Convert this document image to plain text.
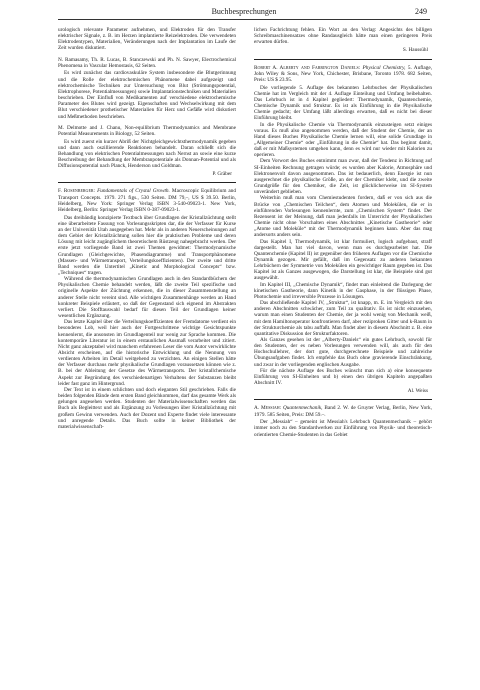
Buchbesprechungen	249

urologisch relevante Parameter aufnehmen, und Elektroden für den Transfer elektrischer Signale, z. B. im Herzen implantierte Reizelektroden. Die verwendeten Elektrodentypen, Materialien, Veränderungen nach der Implantation im Laufe der Zeit wurden diskutiert.

N. Ramasamy, Th. R. Lucas, B. Stanczewski and Ph. N. Sawyer, Electrochemical Phenomena in Vascular Hemostasis, 62 Seiten.

Es wird zunächst das cardiovaskuläre System insbesondere die Blutgerinnung und die Rolle der elektrochemischen Phänomene dabei aufgezeigt und elektrochemische Techniken zur Untersuchung von Blut (Strömungspotential, Elektrophorese, Potentialmessungen) sowie Implantationstechniken und Materialien beschrieben. Der Einfluß von Medikamenten auf verschiedene elektrochemische Parameter des Blutes wird gezeigt. Eigenschaften und Wechselwirkung mit dem Blut verschiedener prothetischer Materialien für Herz und Gefäße wird diskutiert und Meßmethoden beschrieben.

M. Delmotte and J. Chanu, Non-equilibrium Thermodynamics and Membrane Potential Measurements in Biology, 52 Seiten.

Es wird zuerst ein kurzer Abriß der Nichtgleichgewichtsthermodynamik gegeben und dann auch oszillierende Reaktionen behandelt. Daran schließt sich die Behandlung von elektrischen Potentialmessungen nach Nernst an sowie eine kurze Beschreibung der Behandlung der Membranpotentiale als Donnan-Potential und als Diffusionspotential nach Planck, Henderson und Goldman.

P. Gräber
F. Rosenberger: Fundamentals of Crystal Growth. Macroscopic Equilibrium and Transport Concepts. 1979. 271 figs., 530 Seiten. DM 79,–, US $ 39.50. Berlin, Heidelberg, New York: Springer Verlag ISBN 3-540-09023-1. New York, Heidelberg, Berlin: Springer Verlag ISBN 0-387-09023-1.

Das dreibändig konzipierte Textbuch über Grundlagen der Kristallzüchtung stellt eine überarbeitete Fassung von Vorlesungsskripten dar, die der Verfasser für Kurse an der Universität Utah ausgegeben hat. Mehr als in anderen Neuerscheinungen auf dem Gebiet der Kristallzüchtung sollen hier die praktischen Probleme und deren Lösung mit leicht zugänglichem theoretischem Rüstzeug nahegebracht werden. Der erste jetzt vorliegende Band ist zwei Themen gewidmet: Thermodynamische Grundlagen (Gleichgewichte, Phasendiagramme) und Transportphänomene (Massen- und Wärmetransport, Verteilungskoeffizienten). Der zweite und dritte Band werden die Untertitel „Kinetic and Morphological Concepts“ bzw. „Techniques“ tragen.

Während die thermodynamischen Grundlagen auch in den Standardbüchern der Physikalischen Chemie behandelt werden, läßt die zweite Teil spezifische und originelle Aspekte der Züchtung erkennen, die in dieser Zusammenstellung an anderer Stelle nicht vereint sind. Alle wichtigen Zusammenhänge werden an Hand konkreter Beispiele erläutert, so daß der Gegenstand sich eignend im Abstrakten verliert. Die Stofftauswahl bedarf für diesen Teil der Grundlagen keiner wesentlichen Ergänzung.

Das letzte Kapitel über die Verteilungskoeffizienten der Fremdatome verdient ein besonderes Lob, weil hier auch der Fortgeschrittene wichtige Gesichtspunkte kennenlernt, die ansonsten im Grundlagenteil nur wenig zur Sprache kommen. Die kontemporäre Literatur ist in einem erstaunlichen Ausmaß verarbeitet und zitiert. Nicht ganz akzeptabel wird manchem erfahrenen Leser die vom Autor verwirklichte Absicht erscheinen, auf die historische Entwicklung und die Nennung von verdienten Arbeiten im Detail weitgehend zu verzichten. An einigen Stellen hätte der Verfasser durchaus mehr physikalische Grundlagen voraussetzen können wie z. B. bei der Ableitung der Gesetze des Wärmetransports. Der kristallchemische Aspekt zur Begründung des verschiedenartigen Verhaltens der Substanzen bleibt leider fast ganz im Hintergrund.

Der Text ist in einem schlichten und doch eleganten Stil geschrieben. Falls die beiden folgenden Bände dem ersten Band gleichkommen, darf das gesamte Werk als gelungen angesehen werden. Studenten der Materialwissenschaften werden das Buch als Begleittext und als Ergänzung zu Vorlesungen über Kristallzüchtung mit großem Gewinn verwenden. Auch der Dozent und Experte findet viele interessante und anregende Details. Das Buch sollte in keiner Bibliothek der materialwissenschaft-

lichen Fachrichtung fehlen. Ein Wort an den Verlag: Angesichts des billigen Schreibmaschinensatzes ohne Randausgleich hätte man einen geringeren Preis erwarten dürfen.

S. Haussühl
Robert A. Alberty and Farrington Daniels: Physical Chemistry, 5. Auflage, John Wiley & Sons, New York, Chichester, Brisbane, Toronto 1978. 682 Seiten, Preis: US $ 23.95.

Die vorliegende 5. Auflage des bekannten Lehrbuches der Physikalischen Chemie hat im Vergleich mit der 4. Auflage Einteilung und Umfang beibehalten. Das Lehrbuch ist in 4 Kapitel gegliedert: Thermodynamik, Quantenchemie, Chemische Dynamik und Struktur. Es ist als Einführung in die Physikalische Chemie gedacht; der Umfang läßt allerdings erwarten, daß es nicht bei dieser Einführung bleibt.

In die Physikalische Chemie via Thermodynamik einzusteigen setzt einiges voraus. Es muß also angenommen werden, daß der Student der Chemie, der an Hand dieses Buches Physikalische Chemie lernen will, eine solide Grundlage in „Allgemeiner Chemie“ oder „Einführung in die Chemie“ hat. Das beginnt damit, daß er mit Maßsystemen umgehen kann, denn es wird nur wieder mit Kalorien zu operieren.

Dem Vorwort des Buches entnimmt man zwar, daß der Tendenz in Richtung auf SI-Einheiten Rechnung getragen würde; es wurden aber Kalorie, Atmosphäre und Elektronenvolt davon ausgenommen. Das ist bedauerlich, denn Energie ist nun ausgerechnet die physikalische Größe, an der der Chemiker klebt, und die zweite Grundgröße für den Chemiker, die Zeit, ist glücklicherweise im SI-System unverändert geblieben.

Weiterhin muß man vom Chemiestudenten fordern, daß er von sich aus die Brücke von „Chemischen Teilchen“, dem Atomen und Molekülen, die er in einführenden Vorlesungen kennenlernte, zum „Chemischen System“ findet. Der Rezensent ist der Meinung, daß man jedenfalls im Unterricht der Physikalischen Chemie nicht ohne Vorschalten eines Abschnittes „Kinetische Gastheorie“ oder „Atome und Moleküle“ mit der Thermodynamik beginnen kann. Aber das mag andersorts anders sein.

Das Kapitel I, Thermodynamik, ist klar formuliert, logisch aufgebaut, straff dargestellt. Man hat viel davon, wenn man es durchgearbeitet hat. Die Quantenchemie (Kapitel II) ist gegenüber den früheren Auflagen vor die Chemische Dynamik gezogen. Mir gefällt, daß im Gegensatz zu anderen bekannten Lehrbüchern der Symmetrie von Molekülen ein gewichtiger Raum gegeben ist. Das Kapitel ist als Ganzes ausgewogen, die Darstellung ist klar, die Beispiele sind gut ausgewählt.

Im Kapitel III, „Chemische Dynamik“, findet man einleitend die Darlegung der kinetischen Gastheorie, dann Kinetik in der Gasphase, in der flüssigen Phase, Photochemie und irreversible Prozesse in Lösungen.

Das abschließende Kapitel IV, „Struktur“, ist knapp, m. E. im Vergleich mit den anderen Abschnitten schwächer, zum Teil zu qualitativ. Es ist nicht einzusehen, warum man einen Studenten der Chemie, der ja wohl wenig von Mechanik weiß, mit dem Hamiltonoperator konfrontieren darf, aber reziproken Gitter und k-Raum in der Strukturchemie als tabu auffaßt. Man findet aber in diesem Abschnitt z. B. eine quantitative Diskussion der Strukturfaktoren.

Als Ganzes gesehen ist der „Alberty-Daniels“ ein gutes Lehrbuch, sowohl für den Studenten, der es neben Vorlesungen verwenden will, als auch für den Hochschullehrer, der dort gute, durchgerechnete Beispiele und zahlreiche Übungsaufgaben findet. Ich empfehle das Buch ohne gravierende Einschränkung, und zwar in der vorliegenden englischen Ausgabe.

Für die nächste Auflage des Buches wünscht man sich a) eine konsequente Einführung von SI-Einheiten und b) einen den übrigen Kapiteln angepaßten Abschnitt IV.

Al. Weiss
A. Messiah: Quantenmechanik, Band 2. W. de Gruyter Verlag, Berlin, New York, 1979. 585 Seiten, Preis: DM 59.–.

Der „Messiah“ – gemeint ist Messiah's Lehrbuch Quantenmechanik – gehört immer noch zu den Standardwerken zur Einführung von Physik- und theoretisch-orientierten Chemie-Studenten in das Gebiet
